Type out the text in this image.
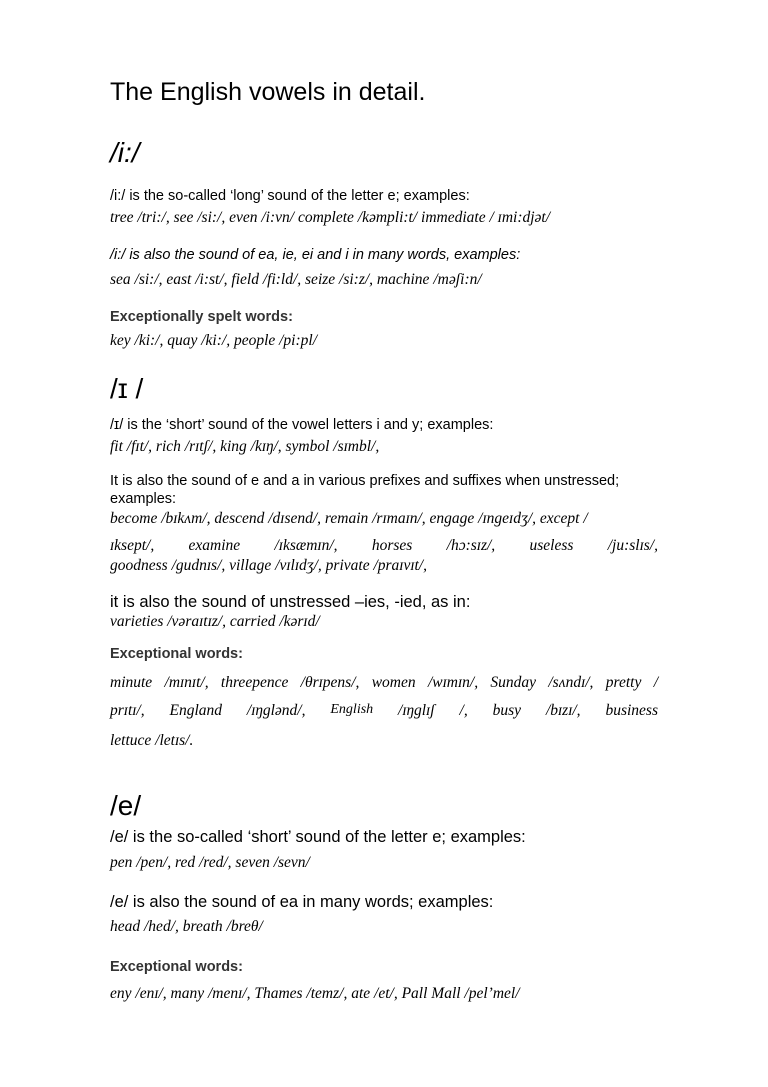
The English vowels in detail.
/i:/
/i:/ is the so-called ‘long’ sound of the letter e; examples:
tree /tri:/, see /si:/, even /i:vn/ complete /kəmpli:t/ immediate / ɪmi:djət/
/i:/ is also the sound of ea, ie, ei and i in many words, examples:
sea /si:/, east /i:st/, field /fi:ld/, seize /si:z/, machine /məʃi:n/
Exceptionally spelt words:
key /ki:/, quay /ki:/, people /pi:pl/
/ɪ /
/ɪ/ is the ‘short’ sound of the vowel letters i and y; examples:
fit /fɪt/, rich /rɪtʃ/, king /kɪŋ/, symbol /sɪmbl/,
It is also the sound of e and a in various prefixes and suffixes when unstressed;
examples:
become /bɪkʌm/, descend /dɪsend/, remain /rɪmaɪn/, engage /ɪngeɪdʒ/, except /
ɪksept/, examine /ɪksæmɪn/, horses /hɔ:sɪz/, useless /ju:slɪs/,
goodness /gudnɪs/, village /vɪlɪdʒ/, private /praɪvɪt/,
it is also the sound of unstressed –ies, -ied, as in:
varieties /vəraɪtɪz/, carried /kərɪd/
Exceptional words:
minute /mɪnɪt/, threepence /θrɪpens/, women /wɪmɪn/, Sunday /sʌndɪ/, pretty /
prɪtɪ/, England /ɪŋglənd/, English /ɪŋglɪʃ /, busy /bɪzɪ/, business
lettuce /letɪs/.
/e/
/e/ is the so-called ‘short’ sound of the letter e; examples:
pen /pen/, red /red/, seven /sevn/
/e/ is also the sound of ea in many words; examples:
head /hed/, breath /breθ/
Exceptional words:
eny /enɪ/, many /menɪ/, Thames /temz/, ate /et/, Pall Mall /pel’mel/
